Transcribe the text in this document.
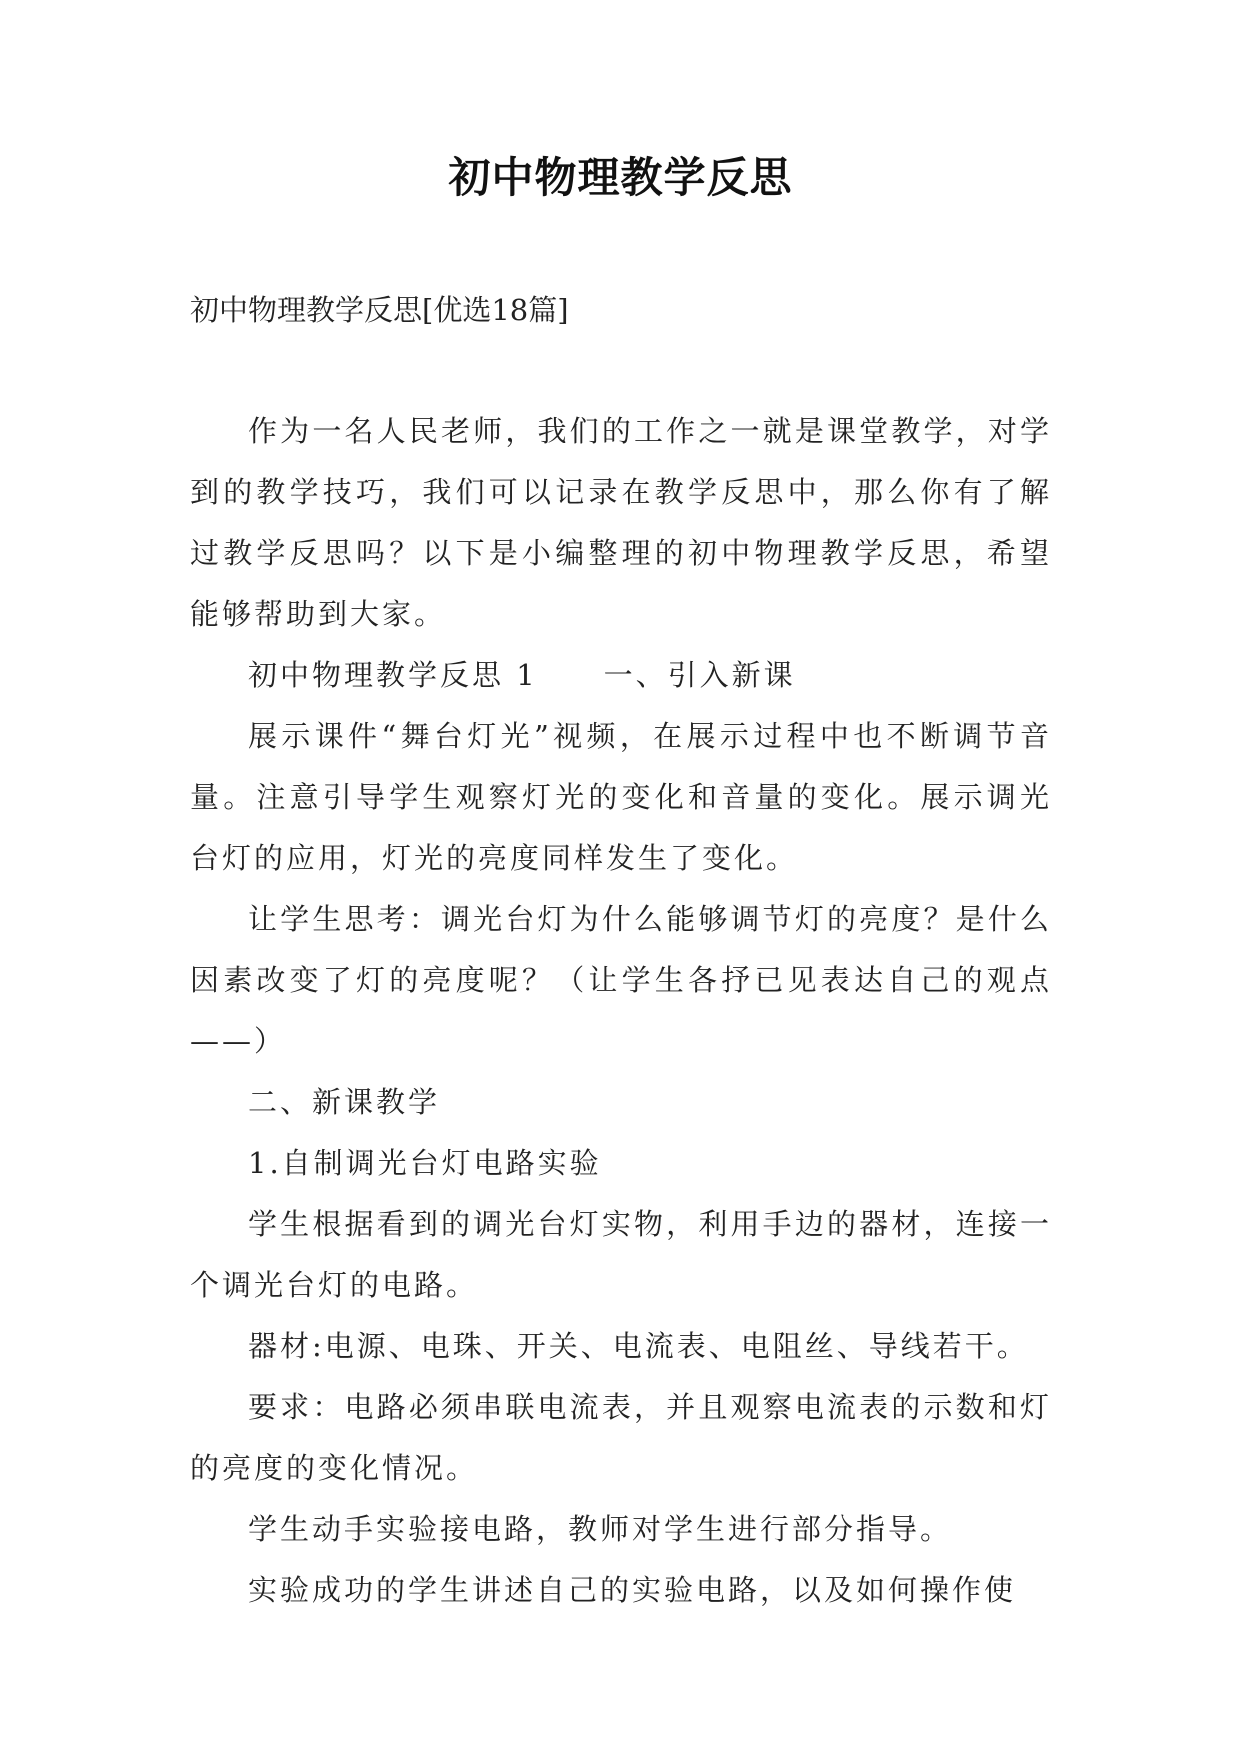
初中物理教学反思
初中物理教学反思[优选18篇]

作为一名人民老师，我们的工作之一就是课堂教学，对学到的教学技巧，我们可以记录在教学反思中，那么你有了解过教学反思吗？以下是小编整理的初中物理教学反思，希望能够帮助到大家。

初中物理教学反思 1 一、引入新课

展示课件“舞台灯光”视频，在展示过程中也不断调节音量。注意引导学生观察灯光的变化和音量的变化。展示调光台灯的应用，灯光的亮度同样发生了变化。

让学生思考：调光台灯为什么能够调节灯的亮度？是什么因素改变了灯的亮度呢？（让学生各抒已见表达自己的观点——）

二、新课教学

1.自制调光台灯电路实验

学生根据看到的调光台灯实物，利用手边的器材，连接一个调光台灯的电路。

器材:电源、电珠、开关、电流表、电阻丝、导线若干。

要求：电路必须串联电流表，并且观察电流表的示数和灯的亮度的变化情况。

学生动手实验接电路，教师对学生进行部分指导。

实验成功的学生讲述自己的实验电路，以及如何操作使
